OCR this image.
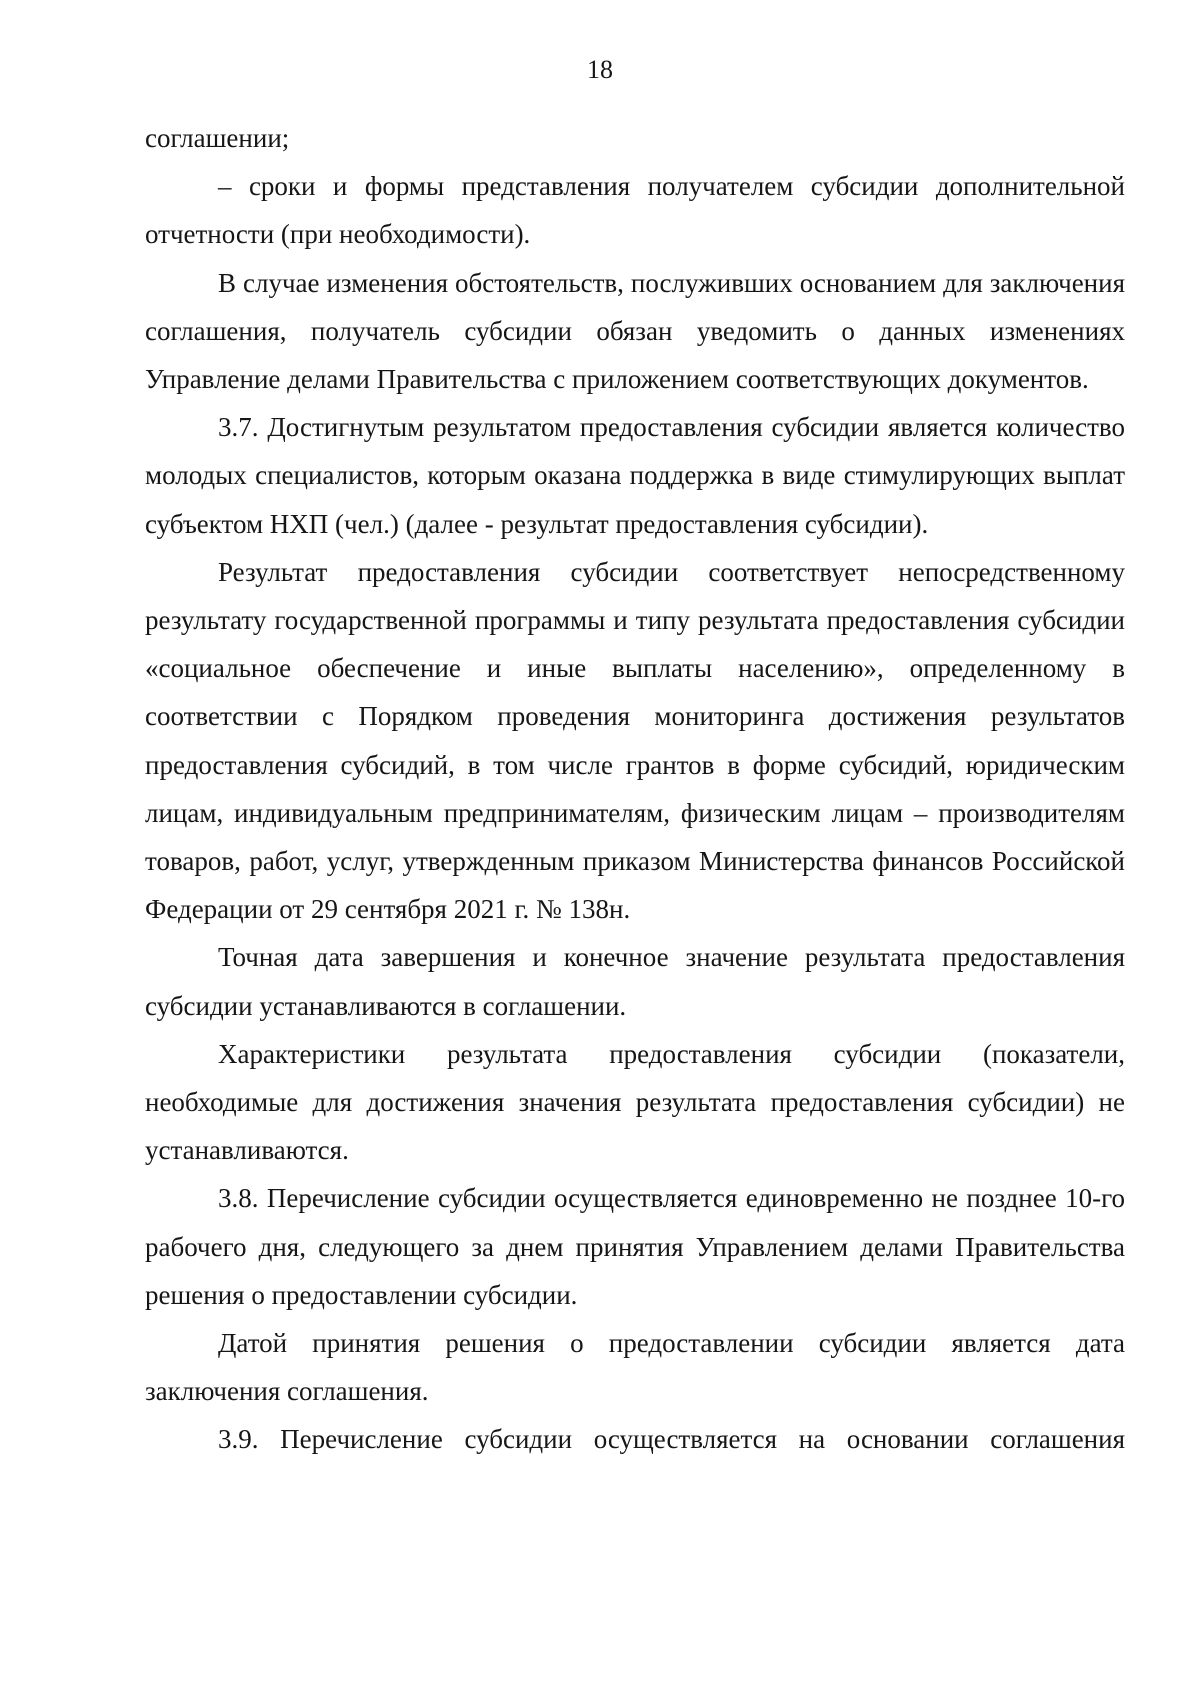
18

соглашении;

– сроки и формы представления получателем субсидии дополнительной отчетности (при необходимости).

В случае изменения обстоятельств, послуживших основанием для заключения соглашения, получатель субсидии обязан уведомить о данных изменениях Управление делами Правительства с приложением соответствующих документов.

3.7. Достигнутым результатом предоставления субсидии является количество молодых специалистов, которым оказана поддержка в виде стимулирующих выплат субъектом НХП (чел.) (далее - результат предоставления субсидии).

Результат предоставления субсидии соответствует непосредственному результату государственной программы и типу результата предоставления субсидии «социальное обеспечение и иные выплаты населению», определенному в соответствии с Порядком проведения мониторинга достижения результатов предоставления субсидий, в том числе грантов в форме субсидий, юридическим лицам, индивидуальным предпринимателям, физическим лицам – производителям товаров, работ, услуг, утвержденным приказом Министерства финансов Российской Федерации от 29 сентября 2021 г. № 138н.

Точная дата завершения и конечное значение результата предоставления субсидии устанавливаются в соглашении.

Характеристики результата предоставления субсидии (показатели, необходимые для достижения значения результата предоставления субсидии) не устанавливаются.

3.8. Перечисление субсидии осуществляется единовременно не позднее 10-го рабочего дня, следующего за днем принятия Управлением делами Правительства решения о предоставлении субсидии.

Датой принятия решения о предоставлении субсидии является дата заключения соглашения.

3.9. Перечисление субсидии осуществляется на основании соглашения
